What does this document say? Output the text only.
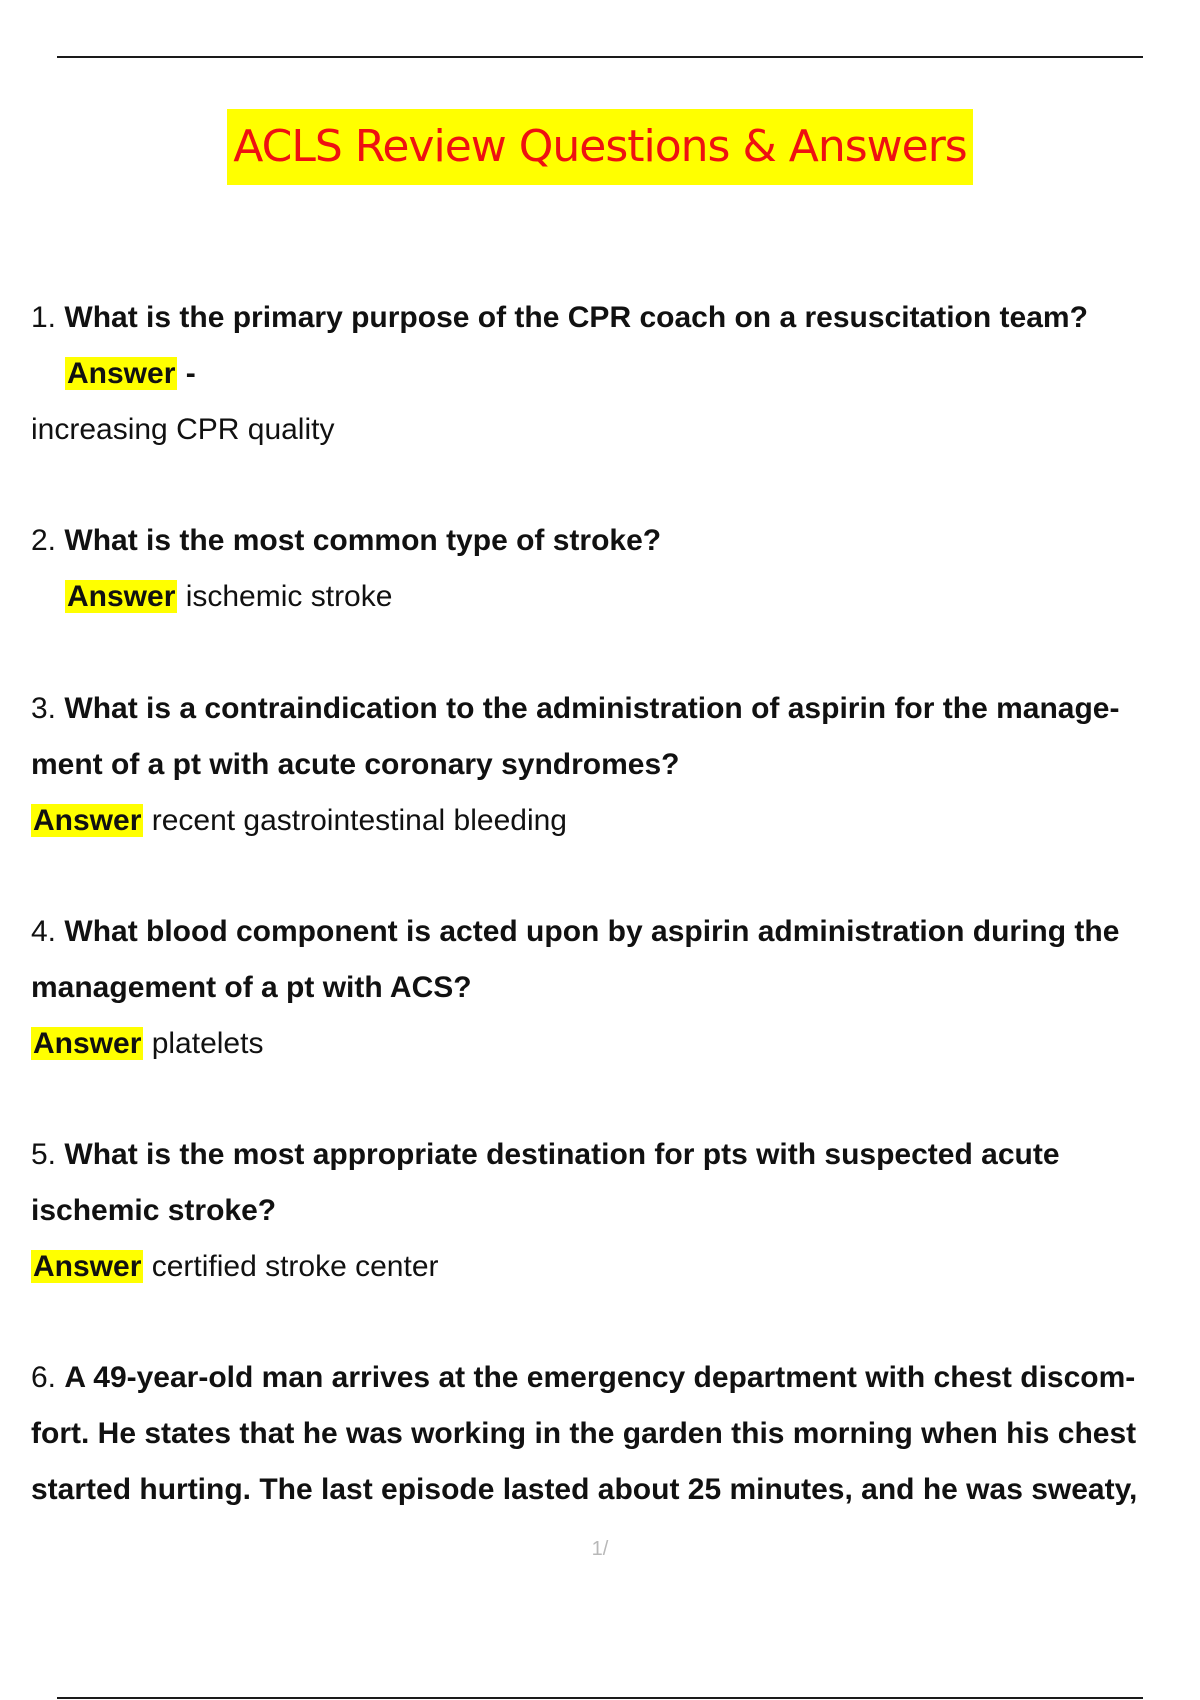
ACLS Review Questions & Answers
1. What is the primary purpose of the CPR coach on a resuscitation team?
Answer -
increasing CPR quality
2. What is the most common type of stroke?
Answer ischemic stroke
3. What is a contraindication to the administration of aspirin for the manage-
ment of a pt with acute coronary syndromes?
Answer recent gastrointestinal bleeding
4. What blood component is acted upon by aspirin administration during the
management of a pt with ACS?
Answer platelets
5. What is the most appropriate destination for pts with suspected acute
ischemic stroke?
Answer certified stroke center
6. A 49-year-old man arrives at the emergency department with chest discom-
fort. He states that he was working in the garden this morning when his chest
started hurting. The last episode lasted about 25 minutes, and he was sweaty,
1/
